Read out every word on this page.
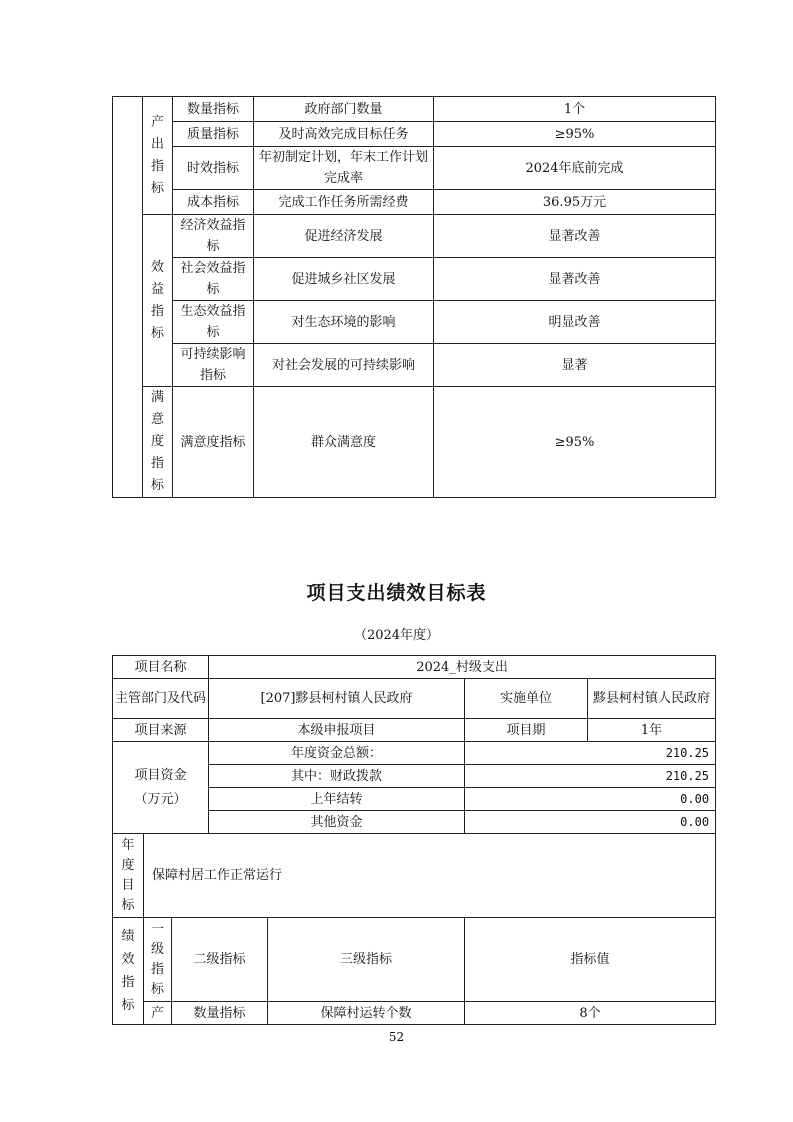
	产
出
指
标	数量指标	政府部门数量	1个
		质量指标	及时高效完成目标任务	≥95%
		时效指标	年初制定计划，年末工作计划完成率	2024年底前完成
		成本指标	完成工作任务所需经费	36.95万元
	效
益
指
标	经济效益指标	促进经济发展	显著改善
		社会效益指标	促进城乡社区发展	显著改善
		生态效益指标	对生态环境的影响	明显改善
		可持续影响指标	对社会发展的可持续影响	显著
	满
意
度
指
标	满意度指标	群众满意度	≥95%
项目支出绩效目标表
（2024年度）
项目名称			2024_村级支出			
主管部门及代码			[207]黟县柯村镇人民政府		实施单位	黟县柯村镇人民政府
项目来源			本级申报项目		项目期	1年
项目资金
（万元）			年度资金总额：		210.25	
			其中：财政拨款		210.25	
			上年结转		0.00	
			其他资金		0.00	
年
度
目
标	保障村居工作正常运行					
绩
效
指
标	一
级
指
标	二级指标		三级指标	指标值	
	产	数量指标		保障村运转个数	8个	
52
